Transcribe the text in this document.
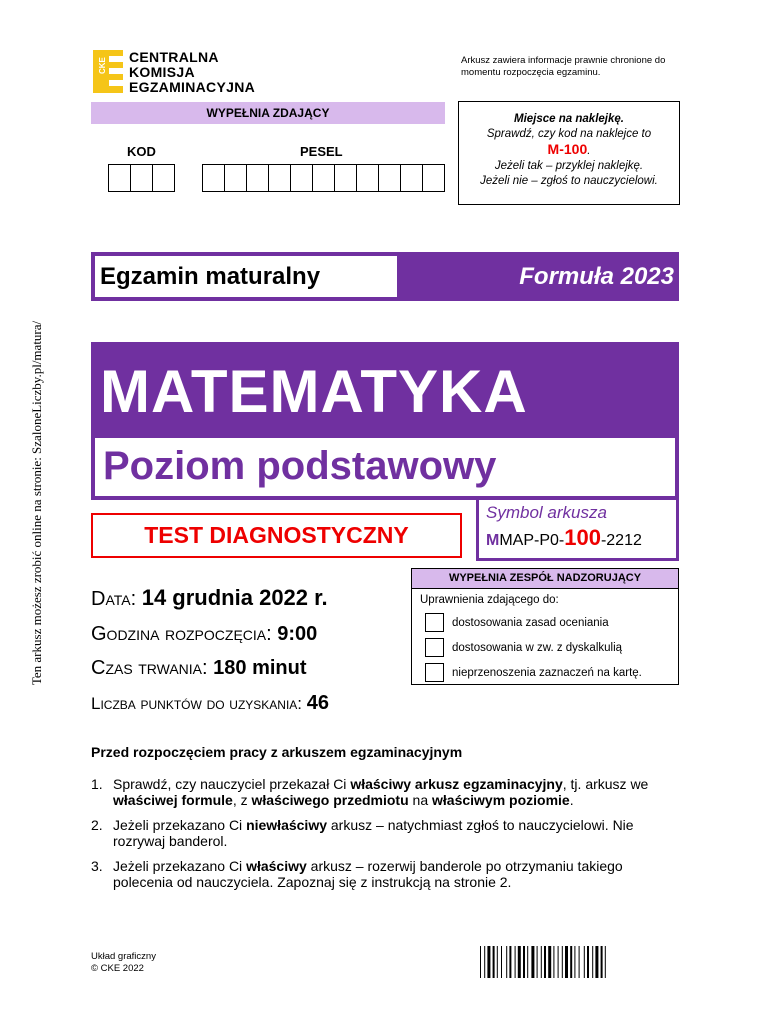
Ten arkusz możesz zrobić online na stronie: SzaloneLiczby.pl/matura/
CKE
CENTRALNA
KOMISJA
EGZAMINACYJNA
Arkusz zawiera informacje prawnie chronione do momentu rozpoczęcia egzaminu.
WYPEŁNIA ZDAJĄCY
KOD	PESEL
Miejsce na naklejkę.
Sprawdź, czy kod na naklejce to
M-100.
Jeżeli tak – przyklej naklejkę.
Jeżeli nie – zgłoś to nauczycielowi.
Egzamin maturalny	Formuła 2023
MATEMATYKA
Poziom podstawowy
TEST DIAGNOSTYCZNY
Symbol arkusza
MMAP-P0-100-2212
Data: 14 grudnia 2022 r.
Godzina rozpoczęcia: 9:00
Czas trwania: 180 minut
Liczba punktów do uzyskania: 46
WYPEŁNIA ZESPÓŁ NADZORUJĄCY
Uprawnienia zdającego do:
dostosowania zasad oceniania
dostosowania w zw. z dyskalkulią
nieprzenoszenia zaznaczeń na kartę.
Przed rozpoczęciem pracy z arkuszem egzaminacyjnym
1. Sprawdź, czy nauczyciel przekazał Ci właściwy arkusz egzaminacyjny, tj. arkusz we właściwej formule, z właściwego przedmiotu na właściwym poziomie.
2. Jeżeli przekazano Ci niewłaściwy arkusz – natychmiast zgłoś to nauczycielowi. Nie rozrywaj banderol.
3. Jeżeli przekazano Ci właściwy arkusz – rozerwij banderole po otrzymaniu takiego polecenia od nauczyciela. Zapoznaj się z instrukcją na stronie 2.
Układ graficzny
© CKE 2022
